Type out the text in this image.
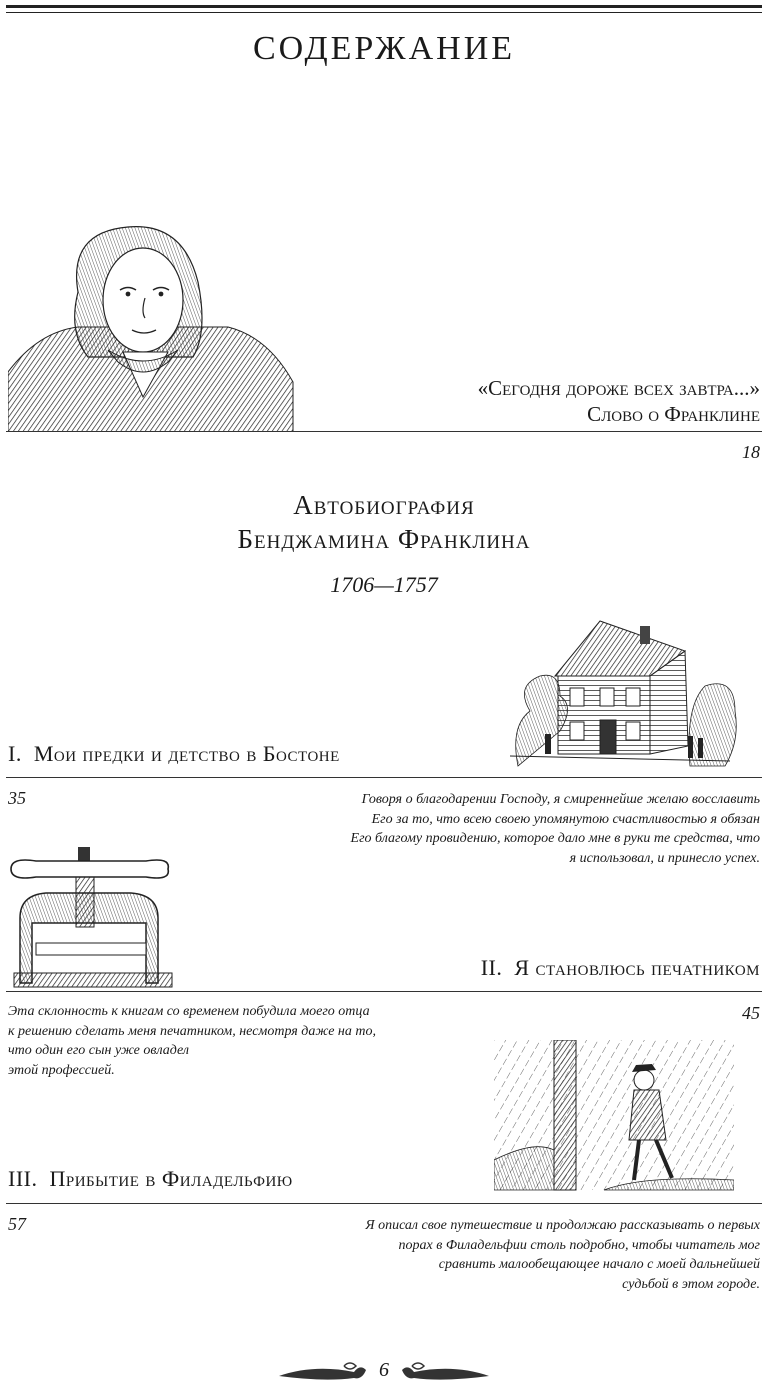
СОДЕРЖАНИЕ
«Сегодня дороже всех завтра...»
Слово о Франклине
18
Автобиография
Бенджамина Франклина
1706—1757
I.  Мои предки и детство в Бостоне
35	Говоря о благодарении Господу, я смиреннейше желаю восславить
Его за то, что всею своею упомянутою счастливостью я обязан
Его благому провидению, которое дало мне в руки те средства, что
я использовал, и принесло успех.
II.  Я становлюсь печатником
45
Эта склонность к книгам со временем побудила моего отца
к решению сделать меня печатником, несмотря даже на то,
что один его сын уже овладел
этой профессией.
III.  Прибытие в Филадельфию
57	Я описал свое путешествие и продолжаю рассказывать о первых
порах в Филадельфии столь подробно, чтобы читатель мог
сравнить малообещающее начало с моей дальнейшей
судьбой в этом городе.
6
